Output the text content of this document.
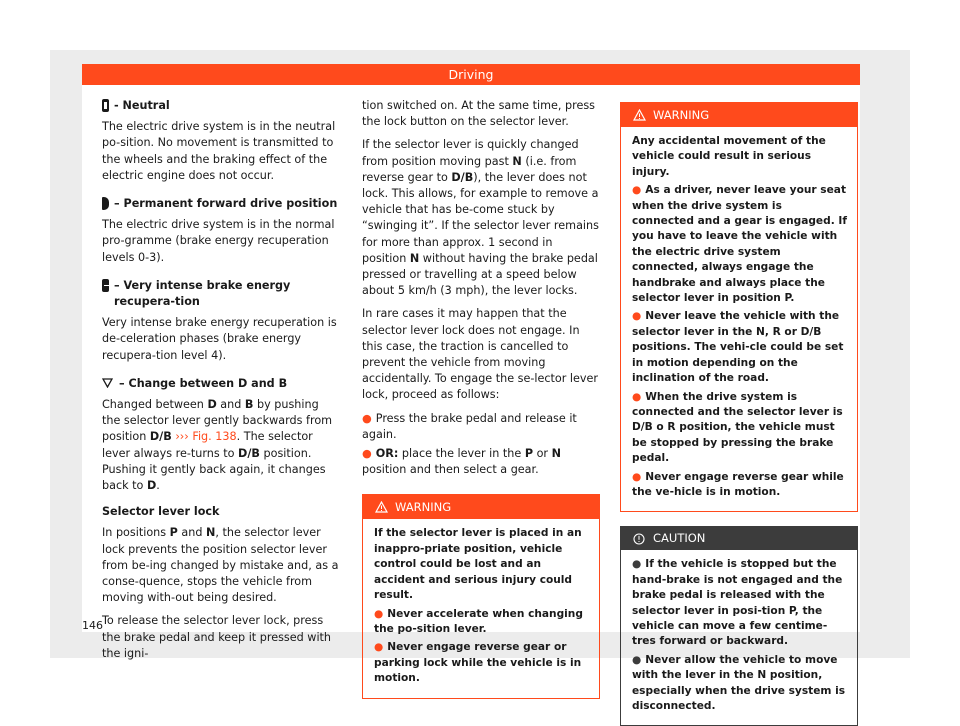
Driving
- Neutral

The electric drive system is in the neutral po-sition. No movement is transmitted to the wheels and the braking effect of the electric engine does not occur.

– Permanent forward drive position

The electric drive system is in the normal pro-gramme (brake energy recuperation levels 0-3).

– Very intense brake energy recupera-tion

Very intense brake energy recuperation is de-celeration phases (brake energy recupera-tion level 4).

– Change between D and B

Changed between D and B by pushing the selector lever gently backwards from position D/B ››› Fig. 138. The selector lever always re-turns to D/B position. Pushing it gently back again, it changes back to D.

Selector lever lock

In positions P and N, the selector lever lock prevents the position selector lever from be-ing changed by mistake and, as a conse-quence, stops the vehicle from moving with-out being desired.

To release the selector lever lock, press the brake pedal and keep it pressed with the igni-

tion switched on. At the same time, press the lock button on the selector lever.

If the selector lever is quickly changed from position moving past N (i.e. from reverse gear to D/B), the lever does not lock. This allows, for example to remove a vehicle that has be-come stuck by “swinging it”. If the selector lever remains for more than approx. 1 second in position N without having the brake pedal pressed or travelling at a speed below about 5 km/h (3 mph), the lever locks.

In rare cases it may happen that the selector lever lock does not engage. In this case, the traction is cancelled to prevent the vehicle from moving accidentally. To engage the se-lector lever lock, proceed as follows:

● Press the brake pedal and release it again.

● OR: place the lever in the P or N position and then select a gear.

WARNING

If the selector lever is placed in an inappro-priate position, vehicle control could be lost and an accident and serious injury could result.

● Never accelerate when changing the po-sition lever.

● Never engage reverse gear or parking lock while the vehicle is in motion.

WARNING

Any accidental movement of the vehicle could result in serious injury.

● As a driver, never leave your seat when the drive system is connected and a gear is engaged. If you have to leave the vehicle with the electric drive system connected, always engage the handbrake and always place the selector lever in position P.

● Never leave the vehicle with the selector lever in the N, R or D/B positions. The vehi-cle could be set in motion depending on the inclination of the road.

● When the drive system is connected and the selector lever is D/B o R position, the vehicle must be stopped by pressing the brake pedal.

● Never engage reverse gear while the ve-hicle is in motion.

CAUTION

● If the vehicle is stopped but the hand-brake is not engaged and the brake pedal is released with the selector lever in posi-tion P, the vehicle can move a few centime-tres forward or backward.

● Never allow the vehicle to move with the lever in the N position, especially when the drive system is disconnected.

146
